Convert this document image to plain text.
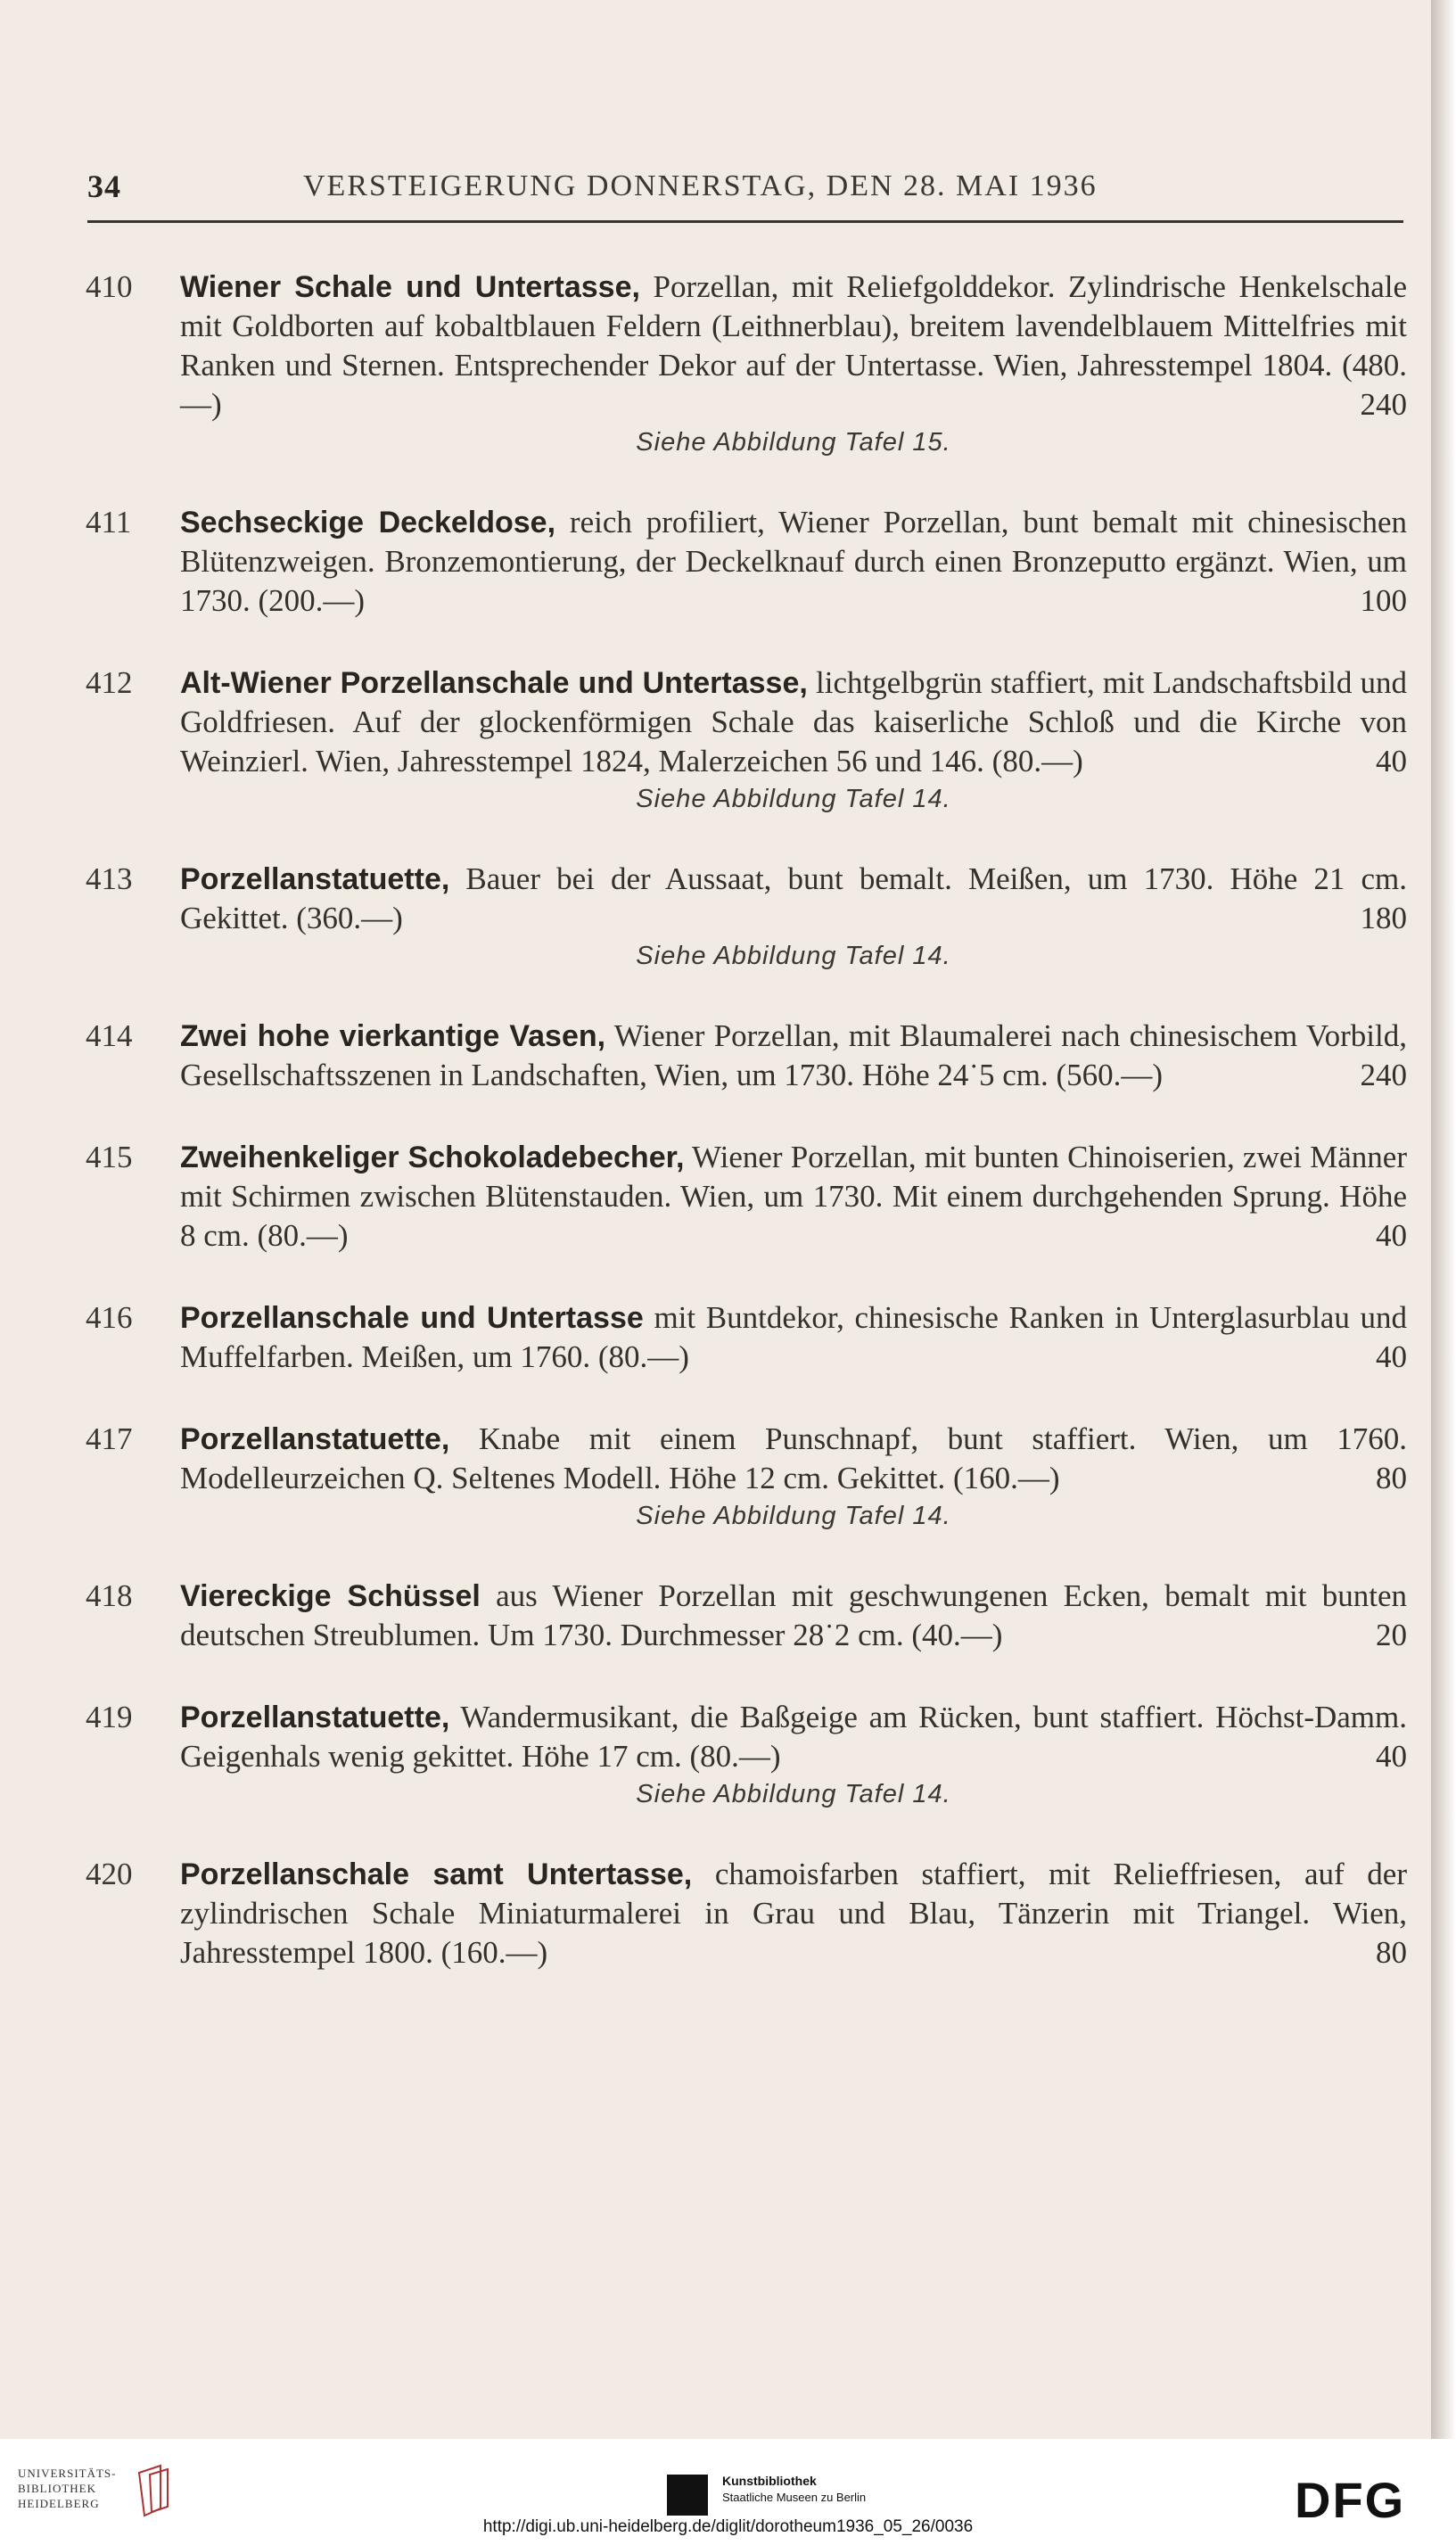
34	VERSTEIGERUNG DONNERSTAG, DEN 28. MAI 1936
410	Wiener Schale und Untertasse, Porzellan, mit Reliefgolddekor. Zylindrische Henkelschale mit Goldborten auf kobaltblauen Feldern (Leithnerblau), breitem lavendelblauem Mittelfries mit Ranken und Sternen. Entsprechender Dekor auf der Untertasse. Wien, Jahresstempel 1804. (480.—)	240
Siehe Abbildung Tafel 15.
411	Sechseckige Deckeldose, reich profiliert, Wiener Porzellan, bunt bemalt mit chinesischen Blütenzweigen. Bronzemontierung, der Deckelknauf durch einen Bronzeputto ergänzt. Wien, um 1730. (200.—)	100
412	Alt-Wiener Porzellanschale und Untertasse, lichtgelbgrün staffiert, mit Landschaftsbild und Goldfriesen. Auf der glockenförmigen Schale das kaiserliche Schloß und die Kirche von Weinzierl. Wien, Jahresstempel 1824, Malerzeichen 56 und 146. (80.—)	40
Siehe Abbildung Tafel 14.
413	Porzellanstatuette, Bauer bei der Aussaat, bunt bemalt. Meißen, um 1730. Höhe 21 cm. Gekittet. (360.—)	180
Siehe Abbildung Tafel 14.
414	Zwei hohe vierkantige Vasen, Wiener Porzellan, mit Blaumalerei nach chinesischem Vorbild, Gesellschaftsszenen in Landschaften, Wien, um 1730. Höhe 24˙5 cm. (560.—)	240
415	Zweihenkeliger Schokoladebecher, Wiener Porzellan, mit bunten Chinoiserien, zwei Männer mit Schirmen zwischen Blütenstauden. Wien, um 1730. Mit einem durchgehenden Sprung. Höhe 8 cm. (80.—)	40
416	Porzellanschale und Untertasse mit Buntdekor, chinesische Ranken in Unterglasurblau und Muffelfarben. Meißen, um 1760. (80.—)	40
417	Porzellanstatuette, Knabe mit einem Punschnapf, bunt staffiert. Wien, um 1760. Modelleurzeichen Q. Seltenes Modell. Höhe 12 cm. Gekittet. (160.—)	80
Siehe Abbildung Tafel 14.
418	Viereckige Schüssel aus Wiener Porzellan mit geschwungenen Ecken, bemalt mit bunten deutschen Streublumen. Um 1730. Durchmesser 28˙2 cm. (40.—)	20
419	Porzellanstatuette, Wandermusikant, die Baßgeige am Rücken, bunt staffiert. Höchst-Damm. Geigenhals wenig gekittet. Höhe 17 cm. (80.—)	40
Siehe Abbildung Tafel 14.
420	Porzellanschale samt Untertasse, chamoisfarben staffiert, mit Relieffriesen, auf der zylindrischen Schale Miniaturmalerei in Grau und Blau, Tänzerin mit Triangel. Wien, Jahresstempel 1800. (160.—)	80
UNIVERSITÄTS-
BIBLIOTHEK
HEIDELBERG
Kunstbibliothek
Staatliche Museen zu Berlin	DFG
http://digi.ub.uni-heidelberg.de/diglit/dorotheum1936_05_26/0036
